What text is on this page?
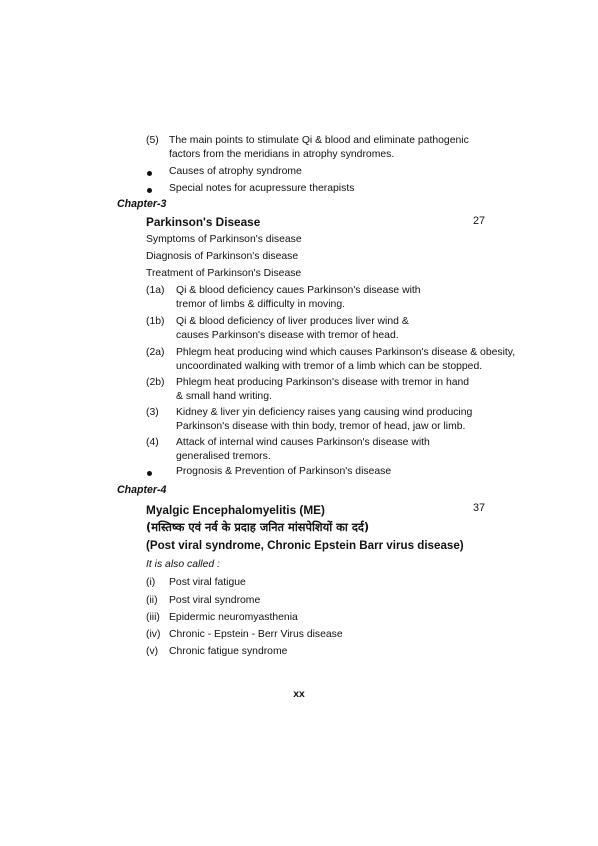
(5) The main points to stimulate Qi & blood and eliminate pathogenic
factors from the meridians in atrophy syndromes.
Causes of atrophy syndrome
Special notes for acupressure therapists
Chapter-3
Parkinson's Disease	27
Symptoms of Parkinson's disease
Diagnosis of Parkinson's disease
Treatment of Parkinson's Disease
(1a) Qi & blood deficiency caues Parkinson's disease with
tremor of limbs & difficulty in moving.
(1b) Qi & blood deficiency of liver produces liver wind &
causes Parkinson's disease with tremor of head.
(2a) Phlegm heat producing wind which causes Parkinson's disease & obesity,
uncoordinated walking with tremor of a limb which can be stopped.
(2b) Phlegm heat producing Parkinson's disease with tremor in hand
& small hand writing.
(3) Kidney & liver yin deficiency raises yang causing wind producing
Parkinson's disease with thin body, tremor of head, jaw or limb.
(4) Attack of internal wind causes Parkinson's disease with
generalised tremors.
Prognosis & Prevention of Parkinson's disease
Chapter-4
Myalgic Encephalomyelitis (ME)	37
(मस्तिष्क एवं नर्व के प्रदाह जनित मांसपेशियों का दर्द)
(Post viral syndrome, Chronic Epstein Barr virus disease)
It is also called :
(i) Post viral fatigue
(ii) Post viral syndrome
(iii) Epidermic neuromyasthenia
(iv) Chronic - Epstein - Berr Virus disease
(v) Chronic fatigue syndrome
xx
